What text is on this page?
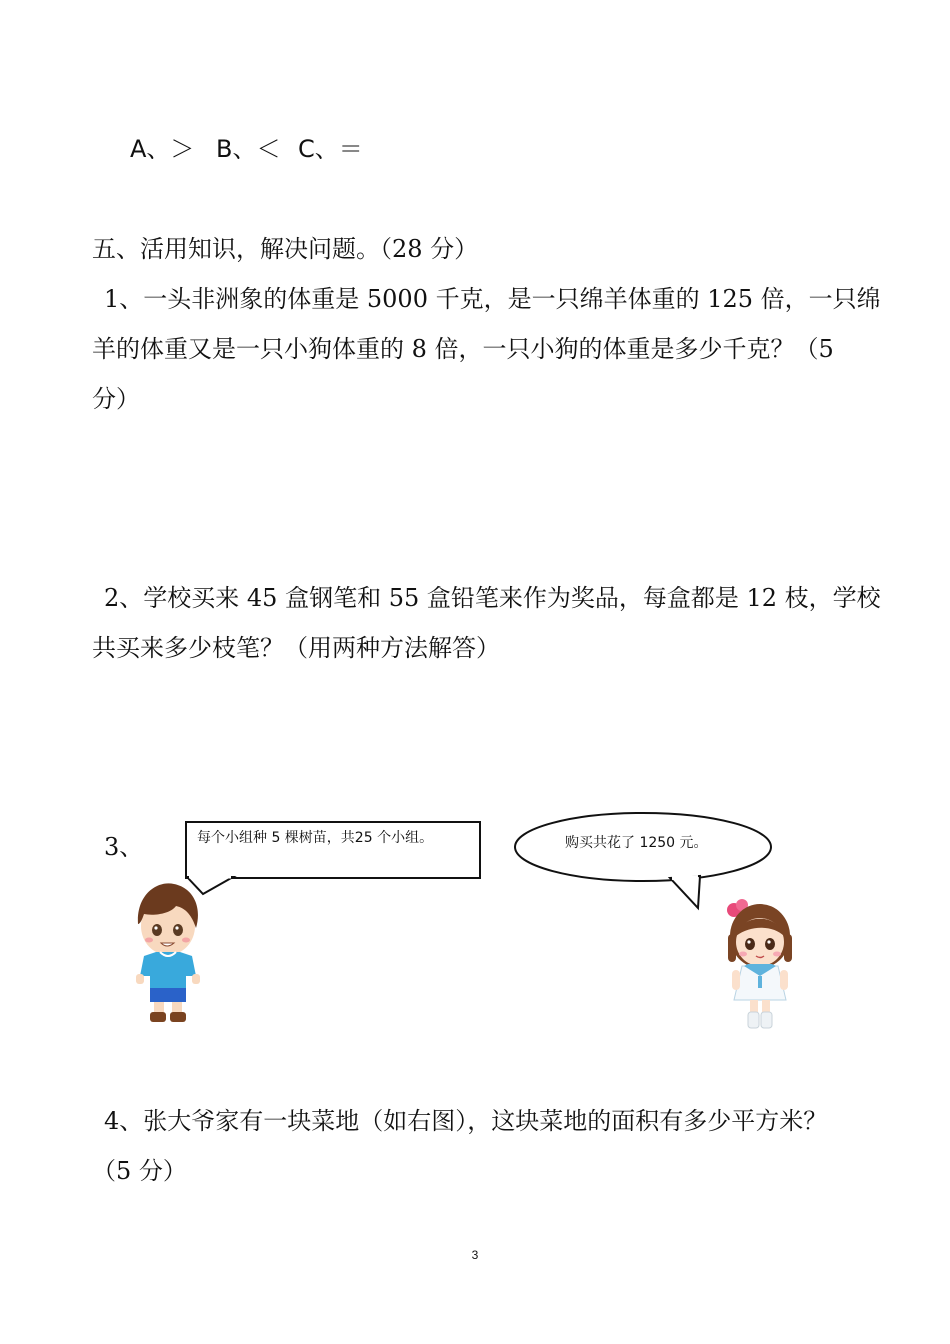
A、＞ B、＜ C、＝
五、活用知识，解决问题。（28 分）
1、一头非洲象的体重是 5000 千克，是一只绵羊体重的 125 倍，一只绵
羊的体重又是一只小狗体重的 8 倍，一只小狗的体重是多少千克？（5
分）
2、学校买来 45 盒钢笔和 55 盒铅笔来作为奖品，每盒都是 12 枝，学校
共买来多少枝笔？（用两种方法解答）
3、	每个小组种 5 棵树苗，共25 个小组。	购买共花了 1250 元。
4、张大爷家有一块菜地（如右图），这块菜地的面积有多少平方米？
（5 分）
3
